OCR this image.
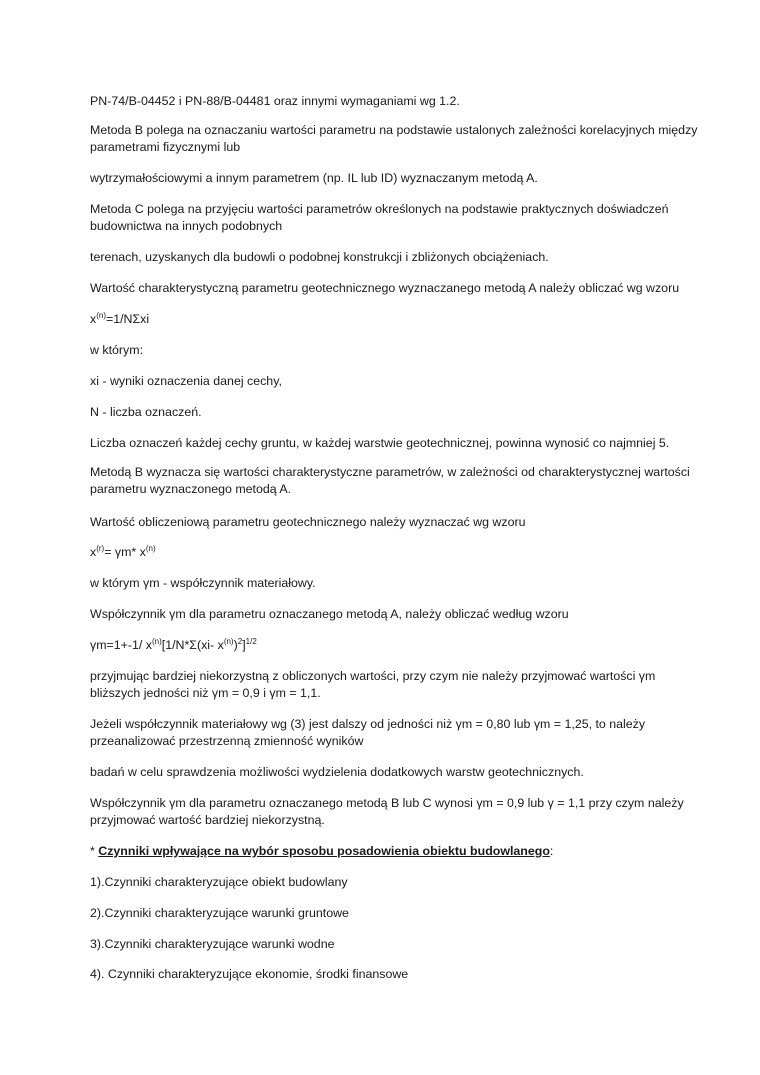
PN-74/B-04452 i PN-88/B-04481 oraz innymi wymaganiami wg 1.2.

Metoda B polega na oznaczaniu wartości parametru na podstawie ustalonych zależności korelacyjnych między

parametrami fizycznymi lub

wytrzymałościowymi a innym parametrem (np. IL lub ID) wyznaczanym metodą A.

Metoda C polega na przyjęciu wartości parametrów określonych na podstawie praktycznych doświadczeń

budownictwa na innych podobnych

terenach, uzyskanych dla budowli o podobnej konstrukcji i zbliżonych obciążeniach.

Wartość charakterystyczną parametru geotechnicznego wyznaczanego metodą A należy obliczać wg wzoru

$x^{(n)}=1$/NΣxi

w którym:

xi - wyniki oznaczenia danej cechy,

N - liczba oznaczeń.

Liczba oznaczeń każdej cechy gruntu, w każdej warstwie geotechnicznej, powinna wynosić co najmniej 5.

Metodą B wyznacza się wartości charakterystyczne parametrów, w zależności od charakterystycznej wartości

parametru wyznaczonego metodą A.

Wartość obliczeniową parametru geotechnicznego należy wyznaczać wg wzoru

$x^{(r)}= \gamma m*$ $x^{(n)}$

w którym γm - współczynnik materiałowy.

Współczynnik γm dla parametru oznaczanego metodą A, należy obliczać według wzoru

γm=1+-1/ $x^{(n)}[1/N*\Sigma(xi-$ $x^{(n)})^2]^{1/2}$

przyjmując bardziej niekorzystną z obliczonych wartości, przy czym nie należy przyjmować wartości γm

bliższych jedności niż γm = 0,9 i γm = 1,1.

Jeżeli współczynnik materiałowy wg (3) jest dalszy od jedności niż γm = 0,80 lub γm = 1,25, to należy

przeanalizować przestrzenną zmienność wyników

badań w celu sprawdzenia możliwości wydzielenia dodatkowych warstw geotechnicznych.

Współczynnik γm dla parametru oznaczanego metodą B lub C wynosi γm = 0,9 lub γ = 1,1 przy czym należy

przyjmować wartość bardziej niekorzystną.

* Czynniki wpływające na wybór sposobu posadowienia obiektu budowlanego:

1).Czynniki charakteryzujące obiekt budowlany

2).Czynniki charakteryzujące warunki gruntowe

3).Czynniki charakteryzujące warunki wodne

4). Czynniki charakteryzujące ekonomie, środki finansowe
